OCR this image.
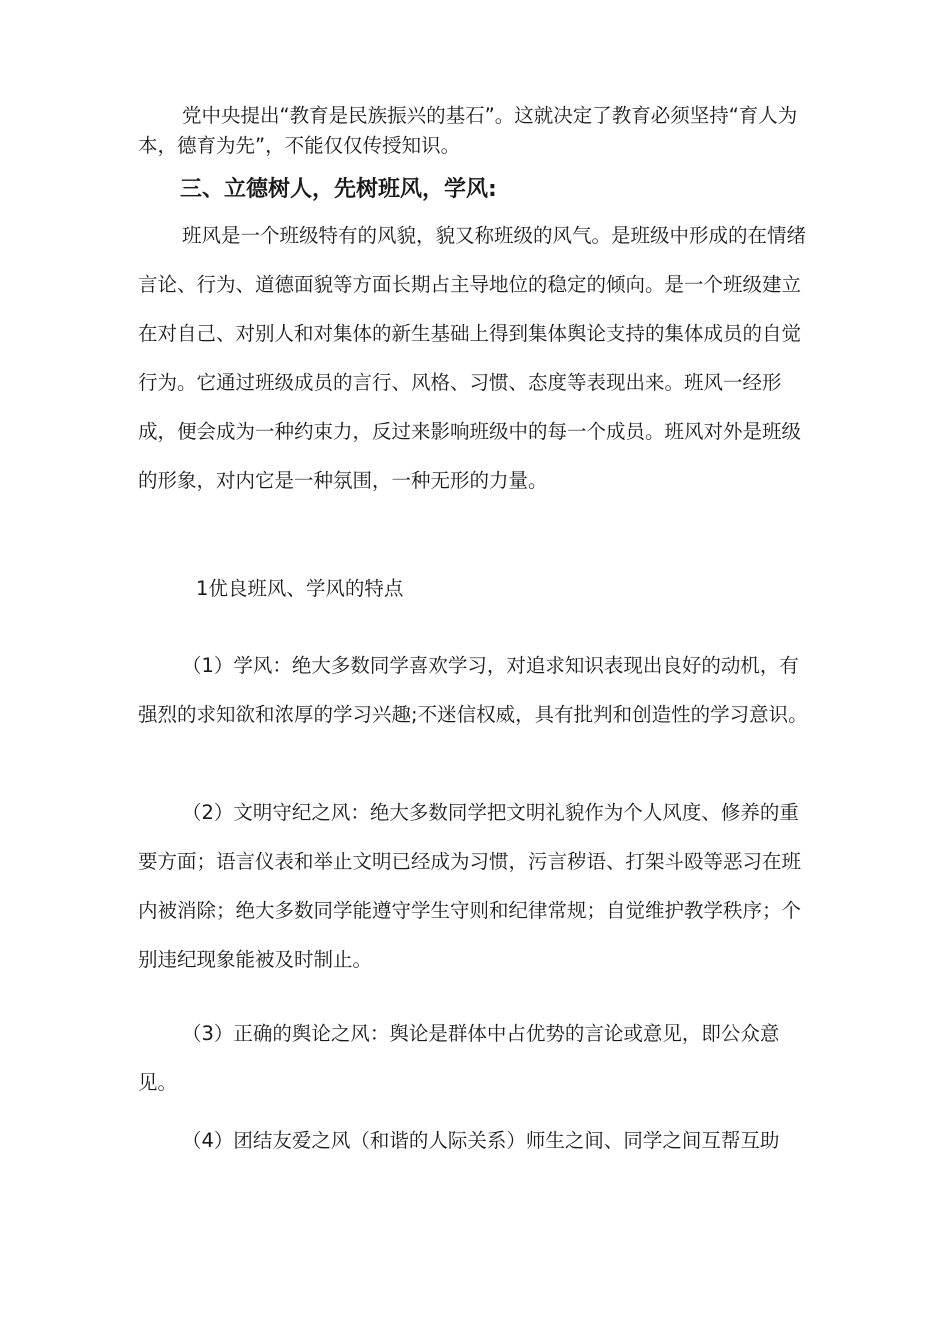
党中央提出“教育是民族振兴的基石”。这就决定了教育必须坚持“育人为本，德育为先”，不能仅仅传授知识。

三、立德树人，先树班风，学风:

班风是一个班级特有的风貌，貌又称班级的风气。是班级中形成的在情绪言论、行为、道德面貌等方面长期占主导地位的稳定的倾向。是一个班级建立在对自己、对别人和对集体的新生基础上得到集体舆论支持的集体成员的自觉行为。它通过班级成员的言行、风格、习惯、态度等表现出来。班风一经形成，便会成为一种约束力，反过来影响班级中的每一个成员。班风对外是班级的形象，对内它是一种氛围，一种无形的力量。

1优良班风、学风的特点

（1）学风：绝大多数同学喜欢学习，对追求知识表现出良好的动机，有强烈的求知欲和浓厚的学习兴趣;不迷信权威，具有批判和创造性的学习意识。

（2）文明守纪之风：绝大多数同学把文明礼貌作为个人风度、修养的重要方面；语言仪表和举止文明已经成为习惯，污言秽语、打架斗殴等恶习在班内被消除；绝大多数同学能遵守学生守则和纪律常规；自觉维护教学秩序；个别违纪现象能被及时制止。

（3）正确的舆论之风：舆论是群体中占优势的言论或意见，即公众意见。

（4）团结友爱之风（和谐的人际关系）师生之间、同学之间互帮互助
